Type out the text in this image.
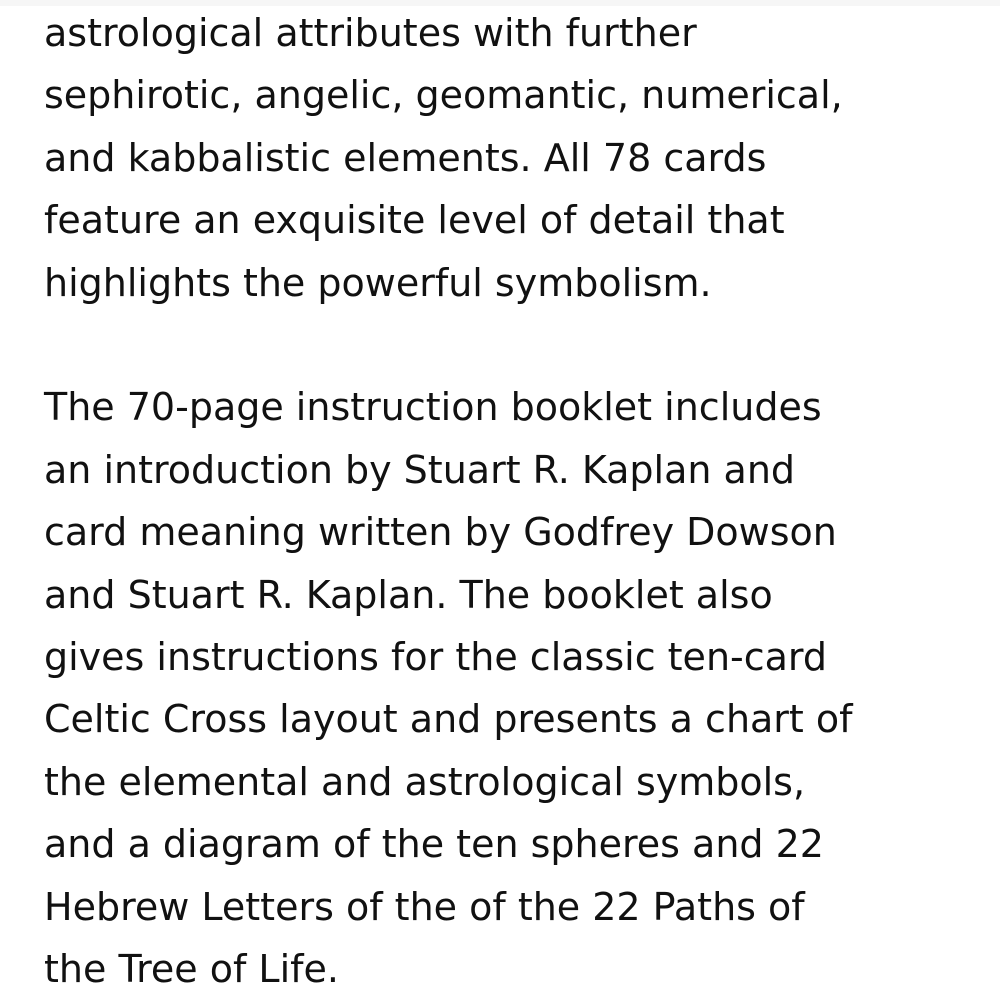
astrological attributes with further
sephirotic, angelic, geomantic, numerical,
and kabbalistic elements. All 78 cards
feature an exquisite level of detail that
highlights the powerful symbolism.

The 70-page instruction booklet includes
an introduction by Stuart R. Kaplan and
card meaning written by Godfrey Dowson
and Stuart R. Kaplan. The booklet also
gives instructions for the classic ten-card
Celtic Cross layout and presents a chart of
the elemental and astrological symbols,
and a diagram of the ten spheres and 22
Hebrew Letters of the of the 22 Paths of
the Tree of Life.
